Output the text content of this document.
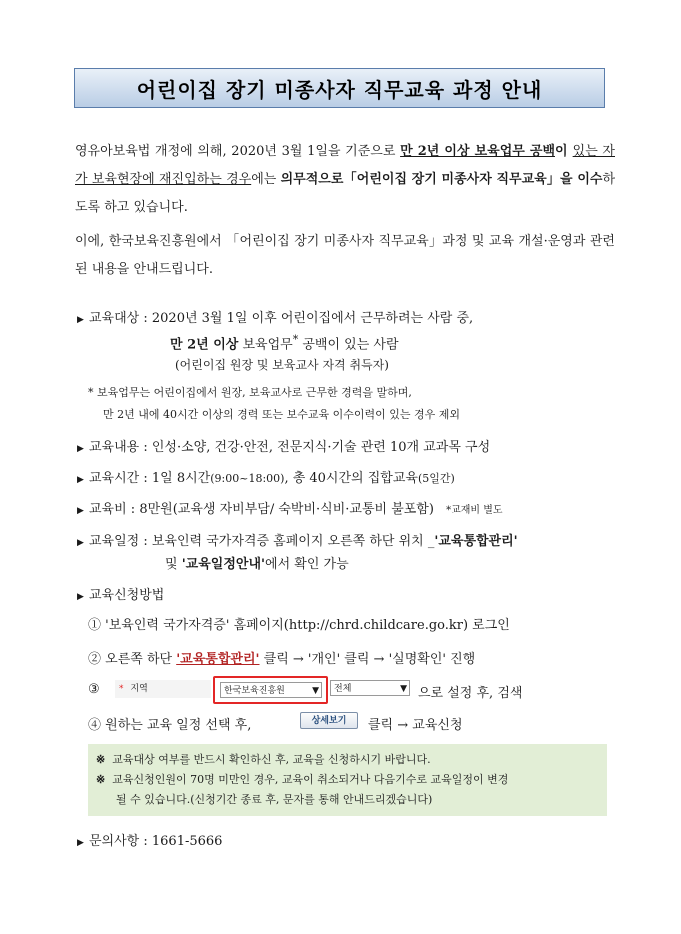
어린이집 장기 미종사자 직무교육 과정 안내
영유아보육법 개정에 의해, 2020년 3월 1일을 기준으로 만 2년 이상 보육업무 공백이 있는 자가 보육현장에 재진입하는 경우에는 의무적으로「어린이집 장기 미종사자 직무교육」을 이수하도록 하고 있습니다.
이에, 한국보육진흥원에서 「어린이집 장기 미종사자 직무교육」과정 및 교육 개설·운영과 관련된 내용을 안내드립니다.
▶ 교육대상 : 2020년 3월 1일 이후 어린이집에서 근무하려는 사람 중,
만 2년 이상 보육업무* 공백이 있는 사람
(어린이집 원장 및 보육교사 자격 취득자)
* 보육업무는 어린이집에서 원장, 보육교사로 근무한 경력을 말하며,
만 2년 내에 40시간 이상의 경력 또는 보수교육 이수이력이 있는 경우 제외
▶ 교육내용 : 인성·소양, 건강·안전, 전문지식·기술 관련 10개 교과목 구성
▶ 교육시간 : 1일 8시간(9:00~18:00), 총 40시간의 집합교육(5일간)
▶ 교육비 : 8만원(교육생 자비부담/ 숙박비·식비·교통비 불포함) *교재비 별도
▶ 교육일정 : 보육인력 국가자격증 홈페이지 오른쪽 하단 위치 _'교육통합관리'
및 '교육일정안내'에서 확인 가능
▶ 교육신청방법
① '보육인력 국가자격증' 홈페이지(http://chrd.childcare.go.kr) 로그인
② 오른쪽 하단 '교육통합관리' 클릭 → '개인' 클릭 → '실명확인' 진행
③	* 지역	한국보육진흥원	▼	전체	▼ 으로 설정 후, 검색
④ 원하는 교육 일정 선택 후,	상세보기	클릭 → 교육신청
※ 교육대상 여부를 반드시 확인하신 후, 교육을 신청하시기 바랍니다.
※ 교육신청인원이 70명 미만인 경우, 교육이 취소되거나 다음기수로 교육일정이 변경
될 수 있습니다.(신청기간 종료 후, 문자를 통해 안내드리겠습니다)
▶ 문의사항 : 1661-5666
